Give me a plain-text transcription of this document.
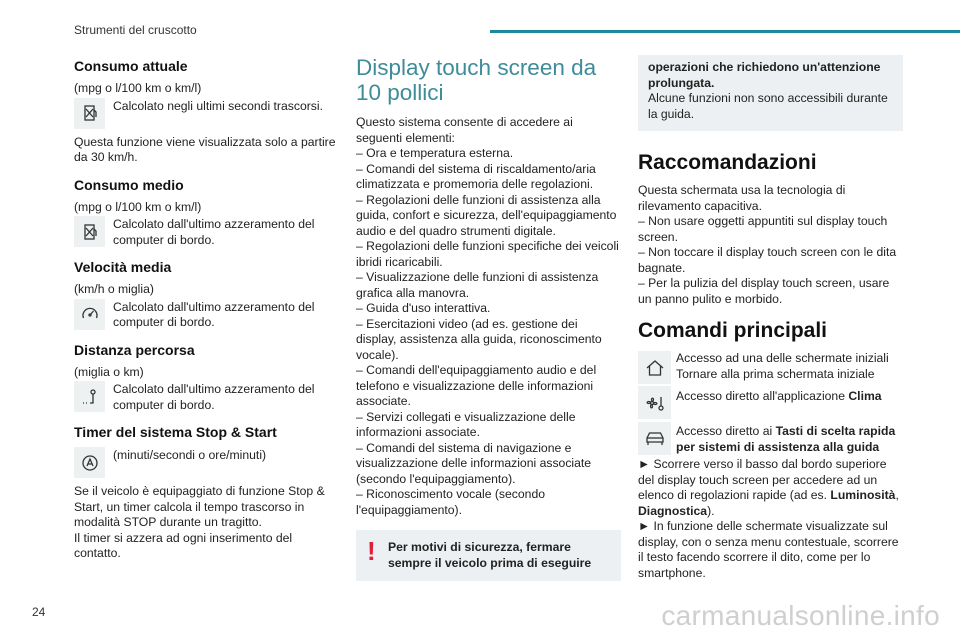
Strumenti del cruscotto
Consumo attuale

(mpg o l/100 km o km/l)

Calcolato negli ultimi secondi trascorsi.

Questa funzione viene visualizzata solo a partire da 30 km/h.

Consumo medio

(mpg o l/100 km o km/l)

Calcolato dall'ultimo azzeramento del computer di bordo.
Velocità media

(km/h o miglia)

Calcolato dall'ultimo azzeramento del computer di bordo.
Distanza percorsa

(miglia o km)

Calcolato dall'ultimo azzeramento del computer di bordo.
Timer del sistema Stop & Start
(minuti/secondi o ore/minuti)

Se il veicolo è equipaggiato di funzione Stop & Start, un timer calcola il tempo trascorso in modalità STOP durante un tragitto.

Il timer si azzera ad ogni inserimento del contatto.

Display touch screen da 10 pollici

Questo sistema consente di accedere ai seguenti elementi:

– Ora e temperatura esterna.
– Comandi del sistema di riscaldamento/aria climatizzata e promemoria delle regolazioni.
– Regolazioni delle funzioni di assistenza alla guida, confort e sicurezza, dell'equipaggiamento audio e del quadro strumenti digitale.
– Regolazioni delle funzioni specifiche dei veicoli ibridi ricaricabili.
– Visualizzazione delle funzioni di assistenza grafica alla manovra.
– Guida d'uso interattiva.
– Esercitazioni video (ad es. gestione dei display, assistenza alla guida, riconoscimento vocale).
– Comandi dell'equipaggiamento audio e del telefono e visualizzazione delle informazioni associate.
– Servizi collegati e visualizzazione delle informazioni associate.
– Comandi del sistema di navigazione e visualizzazione delle informazioni associate (secondo l'equipaggiamento).
– Riconoscimento vocale (secondo l'equipaggiamento).
! Per motivi di sicurezza, fermare sempre il veicolo prima di eseguire

operazioni che richiedono un'attenzione prolungata.

Alcune funzioni non sono accessibili durante la guida.

Raccomandazioni

Questa schermata usa la tecnologia di rilevamento capacitiva.

– Non usare oggetti appuntiti sul display touch screen.
– Non toccare il display touch screen con le dita bagnate.
– Per la pulizia del display touch screen, usare un panno pulito e morbido.
Comandi principali

Accesso ad una delle schermate iniziali

Tornare alla prima schermata iniziale

Accesso diretto all'applicazione Clima

Accesso diretto ai Tasti di scelta rapida per sistemi di assistenza alla guida

► Scorrere verso il basso dal bordo superiore del display touch screen per accedere ad un elenco di regolazioni rapide (ad es. Luminosità, Diagnostica).

► In funzione delle schermate visualizzate sul display, con o senza menu contestuale, scorrere il testo facendo scorrere il dito, come per lo smartphone.

24	carmanualsonline.info
